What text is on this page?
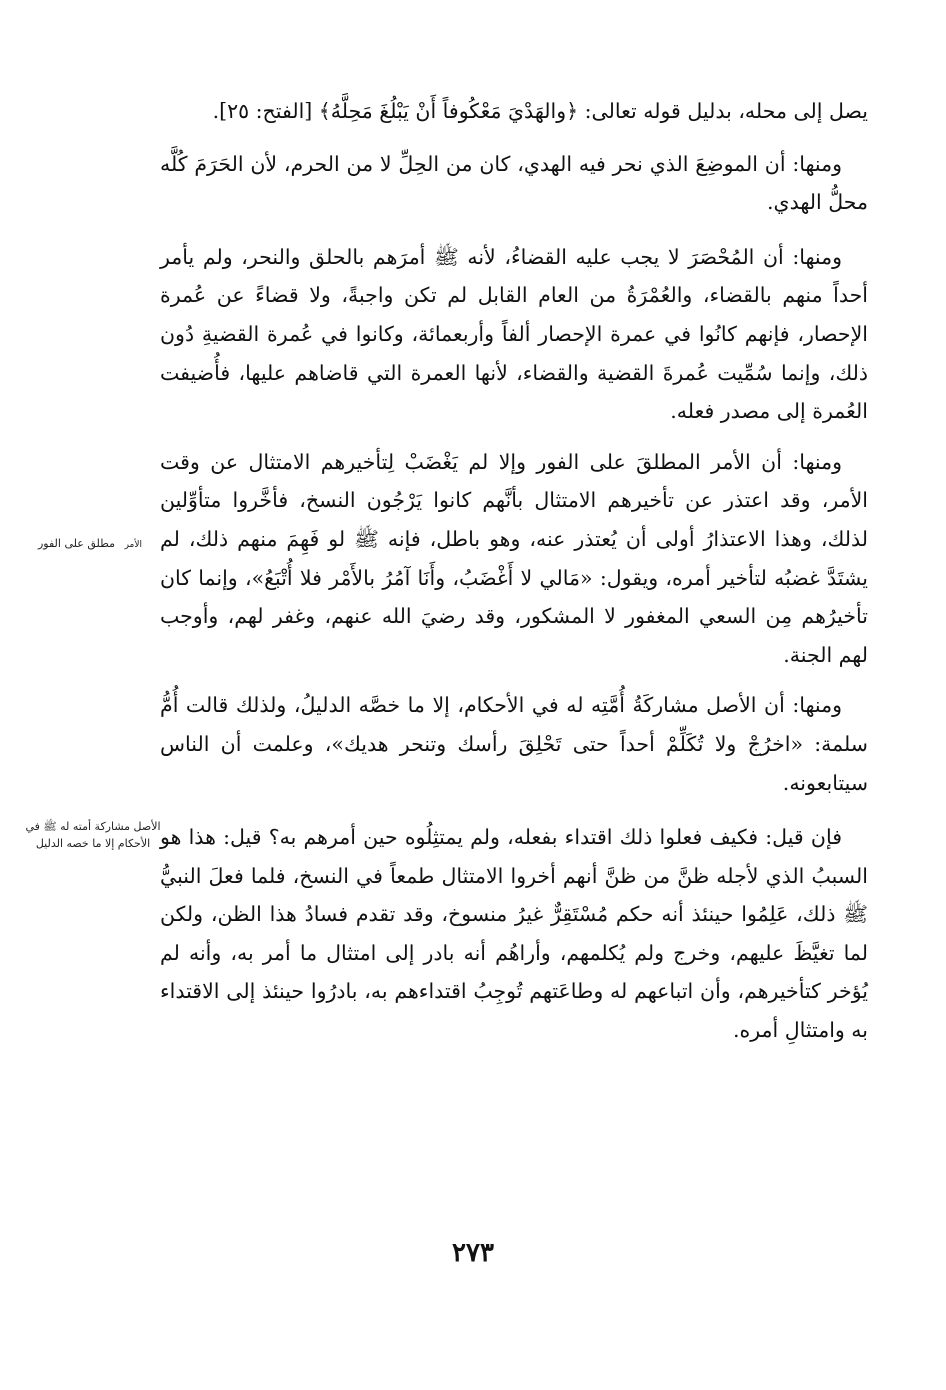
يصل إلى محله، بدليل قوله تعالى: ﴿والهَدْيَ مَعْكُوفاً أَنْ يَبْلُغَ مَحِلَّهُ﴾ [الفتح: ٢٥].

ومنها: أن الموضِعَ الذي نحر فيه الهدي، كان من الحِلِّ لا من الحرم، لأن الحَرَمَ كُلَّه محلُّ الهدي.

ومنها: أن المُحْصَرَ لا يجب عليه القضاءُ، لأنه ﷺ أمرَهم بالحلق والنحر، ولم يأمر أحداً منهم بالقضاء، والعُمْرَةُ من العام القابل لم تكن واجبةً، ولا قضاءً عن عُمرة الإحصار، فإنهم كانُوا في عمرة الإحصار ألفاً وأربعمائة، وكانوا في عُمرة القضيةِ دُون ذلك، وإنما سُمِّيت عُمرةَ القضية والقضاء، لأنها العمرة التي قاضاهم عليها، فأُضيفت العُمرة إلى مصدر فعله.

ومنها: أن الأمر المطلقَ على الفور وإلا لم يَغْضَبْ لِتأخيرهم الامتثال عن وقت الأمر، وقد اعتذر عن تأخيرهم الامتثال بأنَّهم كانوا يَرْجُون النسخ، فأخَّروا متأوِّلين لذلك، وهذا الاعتذارُ أولى أن يُعتذر عنه، وهو باطل، فإنه ﷺ لو فَهِمَ منهم ذلك، لم يشتَدَّ غضبُه لتأخير أمره، ويقول: «مَالي لا أَغْضَبُ، وأَنَا آمُرُ بالأَمْر فلا أُتْبَعُ»، وإنما كان تأخيرُهم مِن السعي المغفور لا المشكور، وقد رضيَ الله عنهم، وغفر لهم، وأوجب لهم الجنة.

ومنها: أن الأصل مشاركَةُ أُمَّتِه له في الأحكام، إلا ما خصَّه الدليلُ، ولذلك قالت أُمُّ سلمة: «اخرُجْ ولا تُكَلِّمْ أحداً حتى تَحْلِقَ رأسك وتنحر هديك»، وعلمت أن الناس سيتابعونه.

فإن قيل: فكيف فعلوا ذلك اقتداء بفعله، ولم يمتثِلُوه حين أمرهم به؟ قيل: هذا هو السببُ الذي لأجله ظنَّ من ظنَّ أنهم أخروا الامتثال طمعاً في النسخ، فلما فعلَ النبيُّ ﷺ ذلك، عَلِمُوا حينئذ أنه حكم مُسْتَقِرٌّ غيرُ منسوخ، وقد تقدم فسادُ هذا الظن، ولكن لما تغيَّظَ عليهم، وخرج ولم يُكلمهم، وأراهُم أنه بادر إلى امتثال ما أمر به، وأنه لم يُؤخر كتأخيرهم، وأن اتباعهم له وطاعَتهم تُوجِبُ اقتداءهم به، بادرُوا حينئذ إلى الاقتداء به وامتثالِ أمره.

الأمر مطلق على الفور
الأصل مشاركة أمته له ﷺ في الأحكام إلا ما خصه الدليل
٢٧٣
